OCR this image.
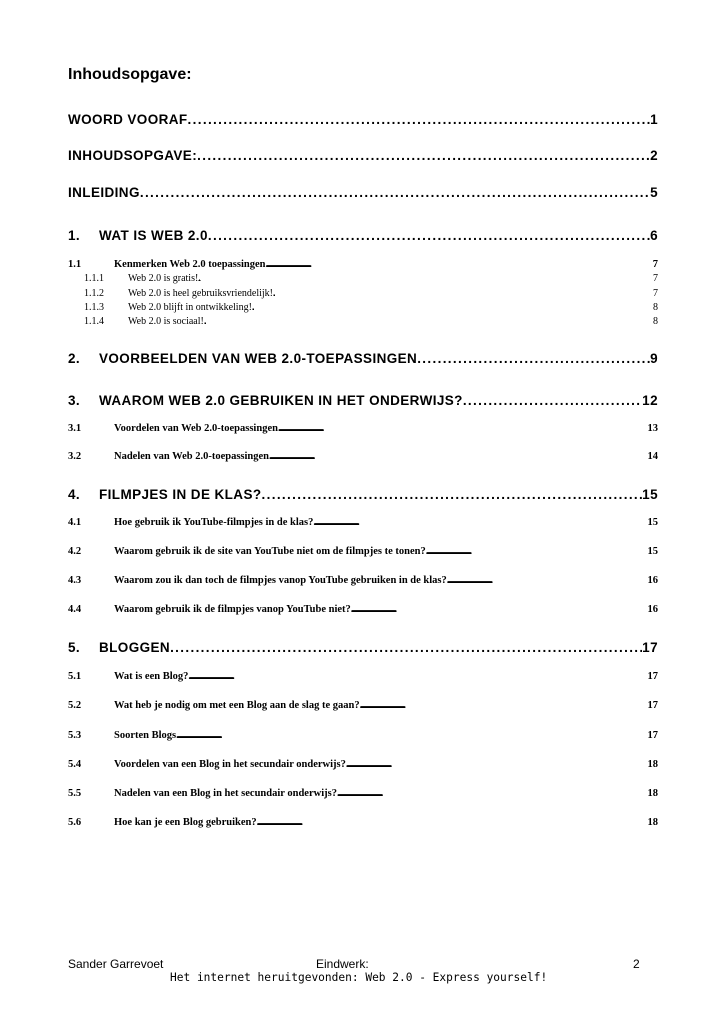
Inhoudsopgave:
WOORD VOORAF . . .	1
INHOUDSOPGAVE: . . .	2
INLEIDING . . .	5
1.	WAT IS WEB 2.0 . . .	6
1.1	Kenmerken Web 2.0 toepassingen . . .	7
1.1.1	Web 2.0 is gratis! . . .	7
1.1.2	Web 2.0 is heel gebruiksvriendelijk! . . .	7
1.1.3	Web 2.0 blijft in ontwikkeling! . . .	8
1.1.4	Web 2.0 is sociaal! . . .	8
2.	VOORBEELDEN VAN WEB 2.0-TOEPASSINGEN . . .	9
3.	WAAROM WEB 2.0 GEBRUIKEN IN HET ONDERWIJS? . . .	12
3.1	Voordelen van Web 2.0-toepassingen . . .	13
3.2	Nadelen van Web 2.0-toepassingen . . .	14
4.	FILMPJES IN DE KLAS? . . .	15
4.1	Hoe gebruik ik YouTube-filmpjes in de klas? . . .	15
4.2	Waarom gebruik ik de site van YouTube niet om de filmpjes te tonen? . . .	15
4.3	Waarom zou ik dan toch de filmpjes vanop YouTube gebruiken in de klas? . . .	16
4.4	Waarom gebruik ik de filmpjes vanop YouTube niet? . . .	16
5.	BLOGGEN . . .	17
5.1	Wat is een Blog? . . .	17
5.2	Wat heb je nodig om met een Blog aan de slag te gaan? . . .	17
5.3	Soorten Blogs . . .	17
5.4	Voordelen van een Blog in het secundair onderwijs? . . .	18
5.5	Nadelen van een Blog in het secundair onderwijs? . . .	18
5.6	Hoe kan je een Blog gebruiken? . . .	18
Sander Garrevoet	Eindwerk:	2
Het internet heruitgevonden: Web 2.0 - Express yourself!
